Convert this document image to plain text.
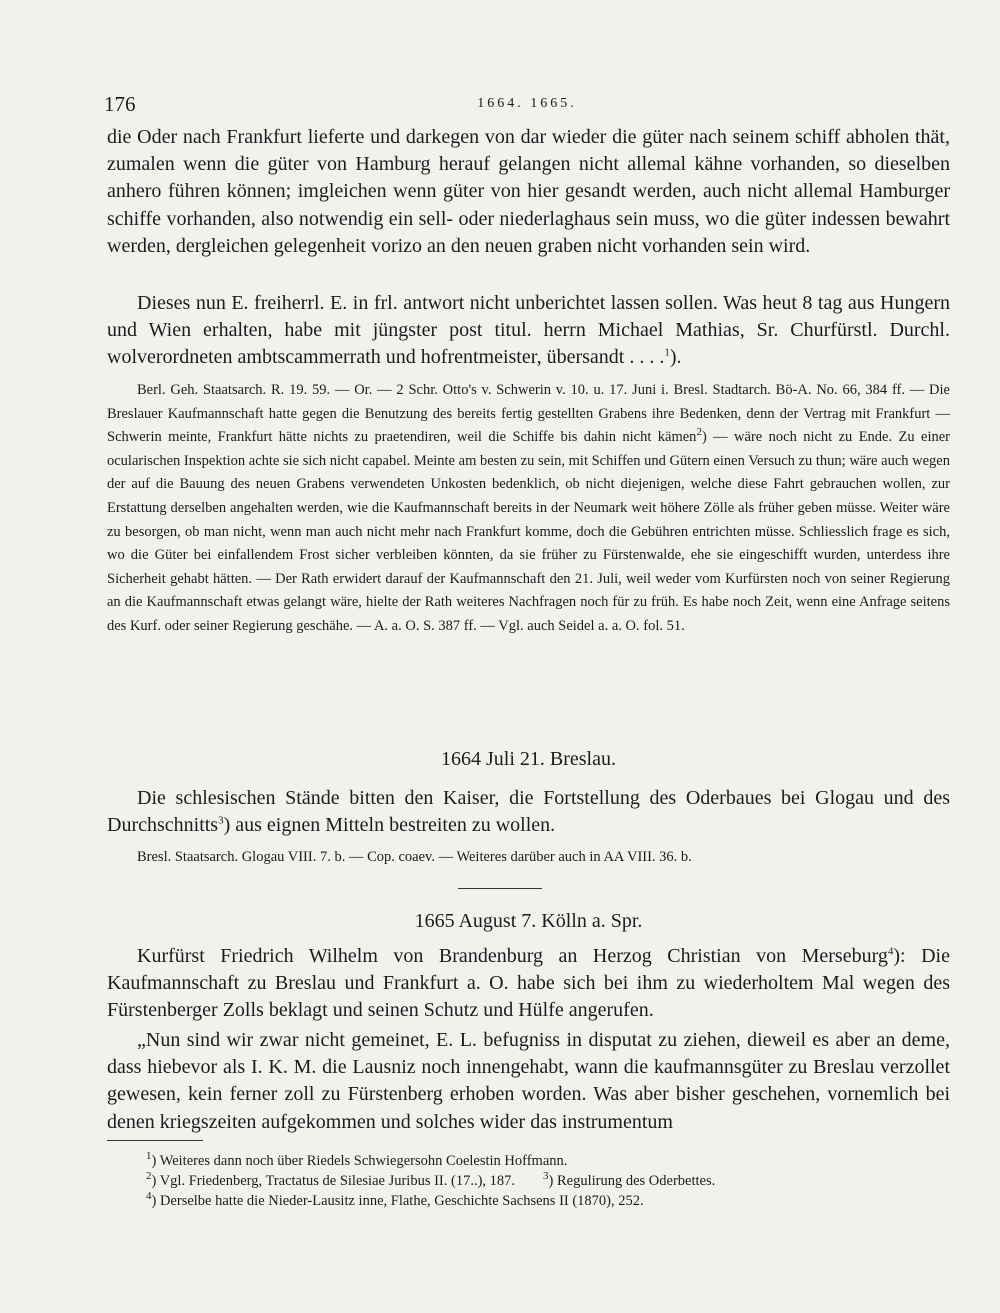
176	1664. 1665.
die Oder nach Frankfurt lieferte und darkegen von dar wieder die güter nach seinem schiff abholen thät, zumalen wenn die güter von Hamburg herauf gelangen nicht allemal kähne vorhanden, so dieselben anhero führen können; imgleichen wenn güter von hier gesandt werden, auch nicht allemal Hamburger schiffe vorhanden, also notwendig ein sell- oder niederlaghaus sein muss, wo die güter indessen bewahrt werden, dergleichen gelegenheit vorizo an den neuen graben nicht vorhanden sein wird.
Dieses nun E. freiherrl. E. in frl. antwort nicht unberichtet lassen sollen. Was heut 8 tag aus Hungern und Wien erhalten, habe mit jüngster post titul. herrn Michael Mathias, Sr. Churfürstl. Durchl. wolverordneten ambtscammerrath und hofrentmeister, übersandt . . . .$^1$).
Berl. Geh. Staatsarch. R. 19. 59. — Or. — 2 Schr. Otto's v. Schwerin v. 10. u. 17. Juni i. Bresl. Stadtarch. Bö-A. No. 66, 384 ff. — Die Breslauer Kaufmannschaft hatte gegen die Benutzung des bereits fertig gestellten Grabens ihre Bedenken, denn der Vertrag mit Frankfurt — Schwerin meinte, Frankfurt hätte nichts zu praetendiren, weil die Schiffe bis dahin nicht kämen$^2$) — wäre noch nicht zu Ende. Zu einer ocularischen Inspektion achte sie sich nicht capabel. Meinte am besten zu sein, mit Schiffen und Gütern einen Versuch zu thun; wäre auch wegen der auf die Bauung des neuen Grabens verwendeten Unkosten bedenklich, ob nicht diejenigen, welche diese Fahrt gebrauchen wollen, zur Erstattung derselben angehalten werden, wie die Kaufmannschaft bereits in der Neumark weit höhere Zölle als früher geben müsse. Weiter wäre zu besorgen, ob man nicht, wenn man auch nicht mehr nach Frankfurt komme, doch die Gebühren entrichten müsse. Schliesslich frage es sich, wo die Güter bei einfallendem Frost sicher verbleiben könnten, da sie früher zu Fürstenwalde, ehe sie eingeschifft wurden, unterdess ihre Sicherheit gehabt hätten. — Der Rath erwidert darauf der Kaufmannschaft den 21. Juli, weil weder vom Kurfürsten noch von seiner Regierung an die Kaufmannschaft etwas gelangt wäre, hielte der Rath weiteres Nachfragen noch für zu früh. Es habe noch Zeit, wenn eine Anfrage seitens des Kurf. oder seiner Regierung geschähe. — A. a. O. S. 387 ff. — Vgl. auch Seidel a. a. O. fol. 51.
1664 Juli 21. Breslau.
Die schlesischen Stände bitten den Kaiser, die Fortstellung des Oderbaues bei Glogau und des Durchschnitts$^3$) aus eignen Mitteln bestreiten zu wollen.
Bresl. Staatsarch. Glogau VIII. 7. b. — Cop. coaev. — Weiteres darüber auch in AA VIII. 36. b.
1665 August 7. Kölln a. Spr.
Kurfürst Friedrich Wilhelm von Brandenburg an Herzog Christian von Merseburg$^4$): Die Kaufmannschaft zu Breslau und Frankfurt a. O. habe sich bei ihm zu wiederholtem Mal wegen des Fürstenberger Zolls beklagt und seinen Schutz und Hülfe angerufen.
„Nun sind wir zwar nicht gemeinet, E. L. befugniss in disputat zu ziehen, dieweil es aber an deme, dass hiebevor als I. K. M. die Lausniz noch innengehabt, wann die kaufmannsgüter zu Breslau verzollet gewesen, kein ferner zoll zu Fürstenberg erhoben worden. Was aber bisher geschehen, vornemlich bei denen kriegszeiten aufgekommen und solches wider das instrumentum
$^1$) Weiteres dann noch über Riedels Schwiegersohn Coelestin Hoffmann.
$^2$) Vgl. Friedenberg, Tractatus de Silesiae Juribus II. (17..), 187.	$^3$) Regulirung des Oderbettes.
$^4$) Derselbe hatte die Nieder-Lausitz inne, Flathe, Geschichte Sachsens II (1870), 252.
